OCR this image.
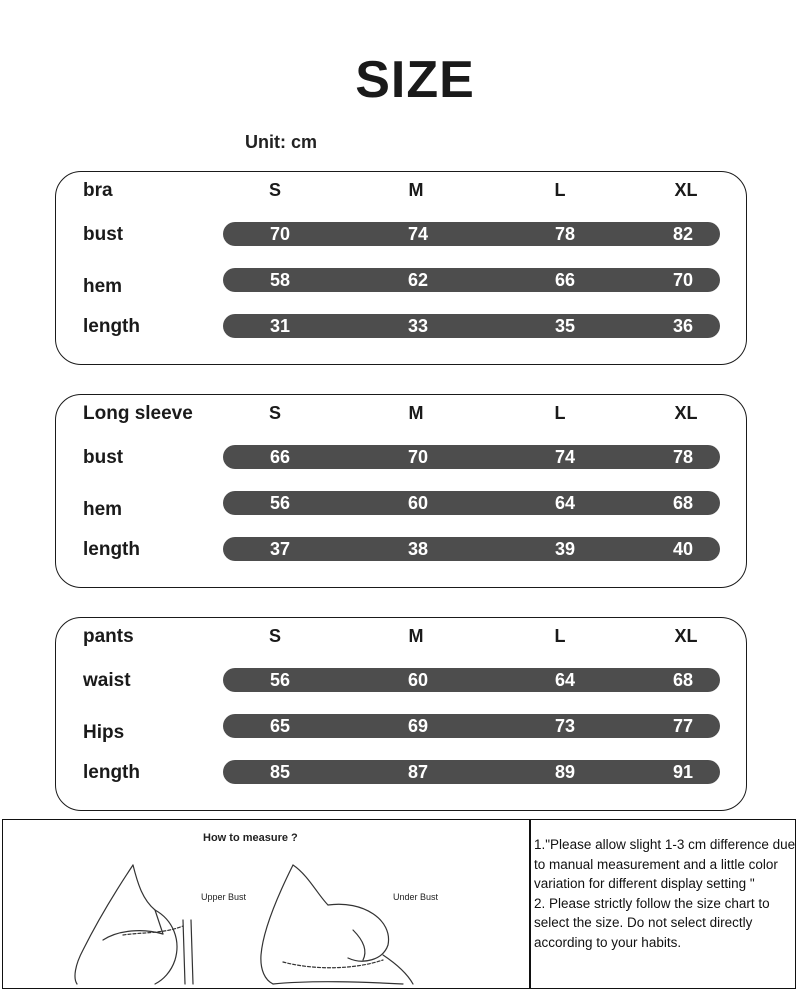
SIZE
Unit: cm
bra	S	M	L	XL
bust	70	74	78	82
hem	58	62	66	70
length	31	33	35	36
Long sleeve	S	M	L	XL
bust	66	70	74	78
hem	56	60	64	68
length	37	38	39	40
pants	S	M	L	XL
waist	56	60	64	68
Hips	65	69	73	77
length	85	87	89	91
How to measure ?
Upper Bust	Under Bust

1."Please allow slight 1-3 cm difference due to manual measurement and a little color variation for different display setting "

2. Please strictly follow the size chart to select the size. Do not select directly according to your habits.
